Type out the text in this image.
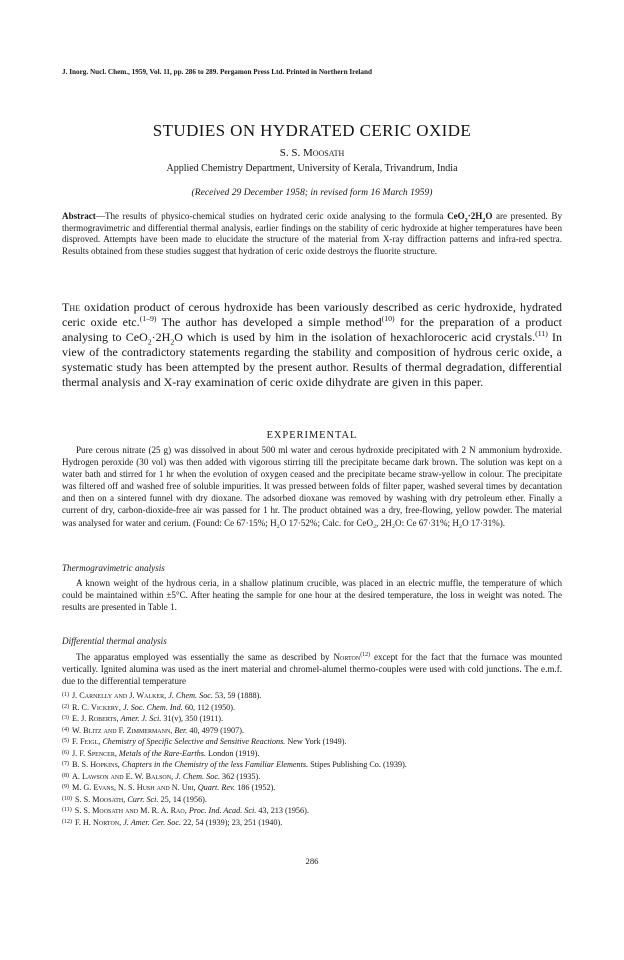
J. Inorg. Nucl. Chem., 1959, Vol. 11, pp. 286 to 289. Pergamon Press Ltd. Printed in Northern Ireland

STUDIES ON HYDRATED CERIC OXIDE

S. S. Moosath

Applied Chemistry Department, University of Kerala, Trivandrum, India

(Received 29 December 1958; in revised form 16 March 1959)

Abstract—The results of physico-chemical studies on hydrated ceric oxide analysing to the formula $CeO_2\cdot 2H_2O$ are presented. By thermogravimetric and differential thermal analysis, earlier findings on the stability of ceric hydroxide at higher temperatures have been disproved. Attempts have been made to elucidate the structure of the material from X-ray diffraction patterns and infra-red spectra. Results obtained from these studies suggest that hydration of ceric oxide destroys the fluorite structure.

The oxidation product of cerous hydroxide has been variously described as ceric hydroxide, hydrated ceric oxide etc.$^{(1-9)}$ The author has developed a simple method$^{(10)}$ for the preparation of a product analysing to $CeO_2\cdot 2H_2O$ which is used by him in the isolation of hexachloroceric acid crystals.$^{(11)}$ In view of the contradictory statements regarding the stability and composition of hydrous ceric oxide, a systematic study has been attempted by the present author. Results of thermal degradation, differential thermal analysis and X-ray examination of ceric oxide dihydrate are given in this paper.

EXPERIMENTAL

Pure cerous nitrate (25 g) was dissolved in about 500 ml water and cerous hydroxide precipitated with 2 N ammonium hydroxide. Hydrogen peroxide (30 vol) was then added with vigorous stirring till the precipitate became dark brown. The solution was kept on a water bath and stirred for 1 hr when the evolution of oxygen ceased and the precipitate became straw-yellow in colour. The precipitate was filtered off and washed free of soluble impurities. It was pressed between folds of filter paper, washed several times by decantation and then on a sintered funnel with dry dioxane. The adsorbed dioxane was removed by washing with dry petroleum ether. Finally a current of dry, carbon-dioxide-free air was passed for 1 hr. The product obtained was a dry, free-flowing, yellow powder. The material was analysed for water and cerium. (Found: Ce 67·15%; H₂O 17·52%; Calc. for CeO₂, 2H₂O: Ce 67·31%; H₂O 17·31%).

Thermogravimetric analysis

A known weight of the hydrous ceria, in a shallow platinum crucible, was placed in an electric muffle, the temperature of which could be maintained within ±5°C. After heating the sample for one hour at the desired temperature, the loss in weight was noted. The results are presented in Table 1.

Differential thermal analysis

The apparatus employed was essentially the same as described by Norton$^{(12)}$ except for the fact that the furnace was mounted vertically. Ignited alumina was used as the inert material and chromel-alumel thermo-couples were used with cold junctions. The e.m.f. due to the differential temperature

$^{(1)}$ J. Carnelly and J. Walker, J. Chem. Soc. 53, 59 (1888).
$^{(2)}$ R. C. Vickery, J. Soc. Chem. Ind. 60, 112 (1950).
$^{(3)}$ E. J. Roberts, Amer. J. Sci. 31(v), 350 (1911).
$^{(4)}$ W. Blitz and F. Zimmermann, Ber. 40, 4979 (1907).
$^{(5)}$ F. Feigl, Chemistry of Specific Selective and Sensitive Reactions. New York (1949).
$^{(6)}$ J. F. Spencer, Metals of the Rare-Earths. London (1919).
$^{(7)}$ B. S. Hopkins, Chapters in the Chemistry of the less Familiar Elements. Stipes Publishing Co. (1939).
$^{(8)}$ A. Lawson and E. W. Balson, J. Chem. Soc. 362 (1935).
$^{(9)}$ M. G. Evans, N. S. Hush and N. Uri, Quart. Rev. 186 (1952).
$^{(10)}$ S. S. Moosath, Curr. Sci. 25, 14 (1956).
$^{(11)}$ S. S. Moosath and M. R. A. Rao, Proc. Ind. Acad. Sci. 43, 213 (1956).
$^{(12)}$ F. H. Norton, J. Amer. Cer. Soc. 22, 54 (1939); 23, 251 (1940).

286
